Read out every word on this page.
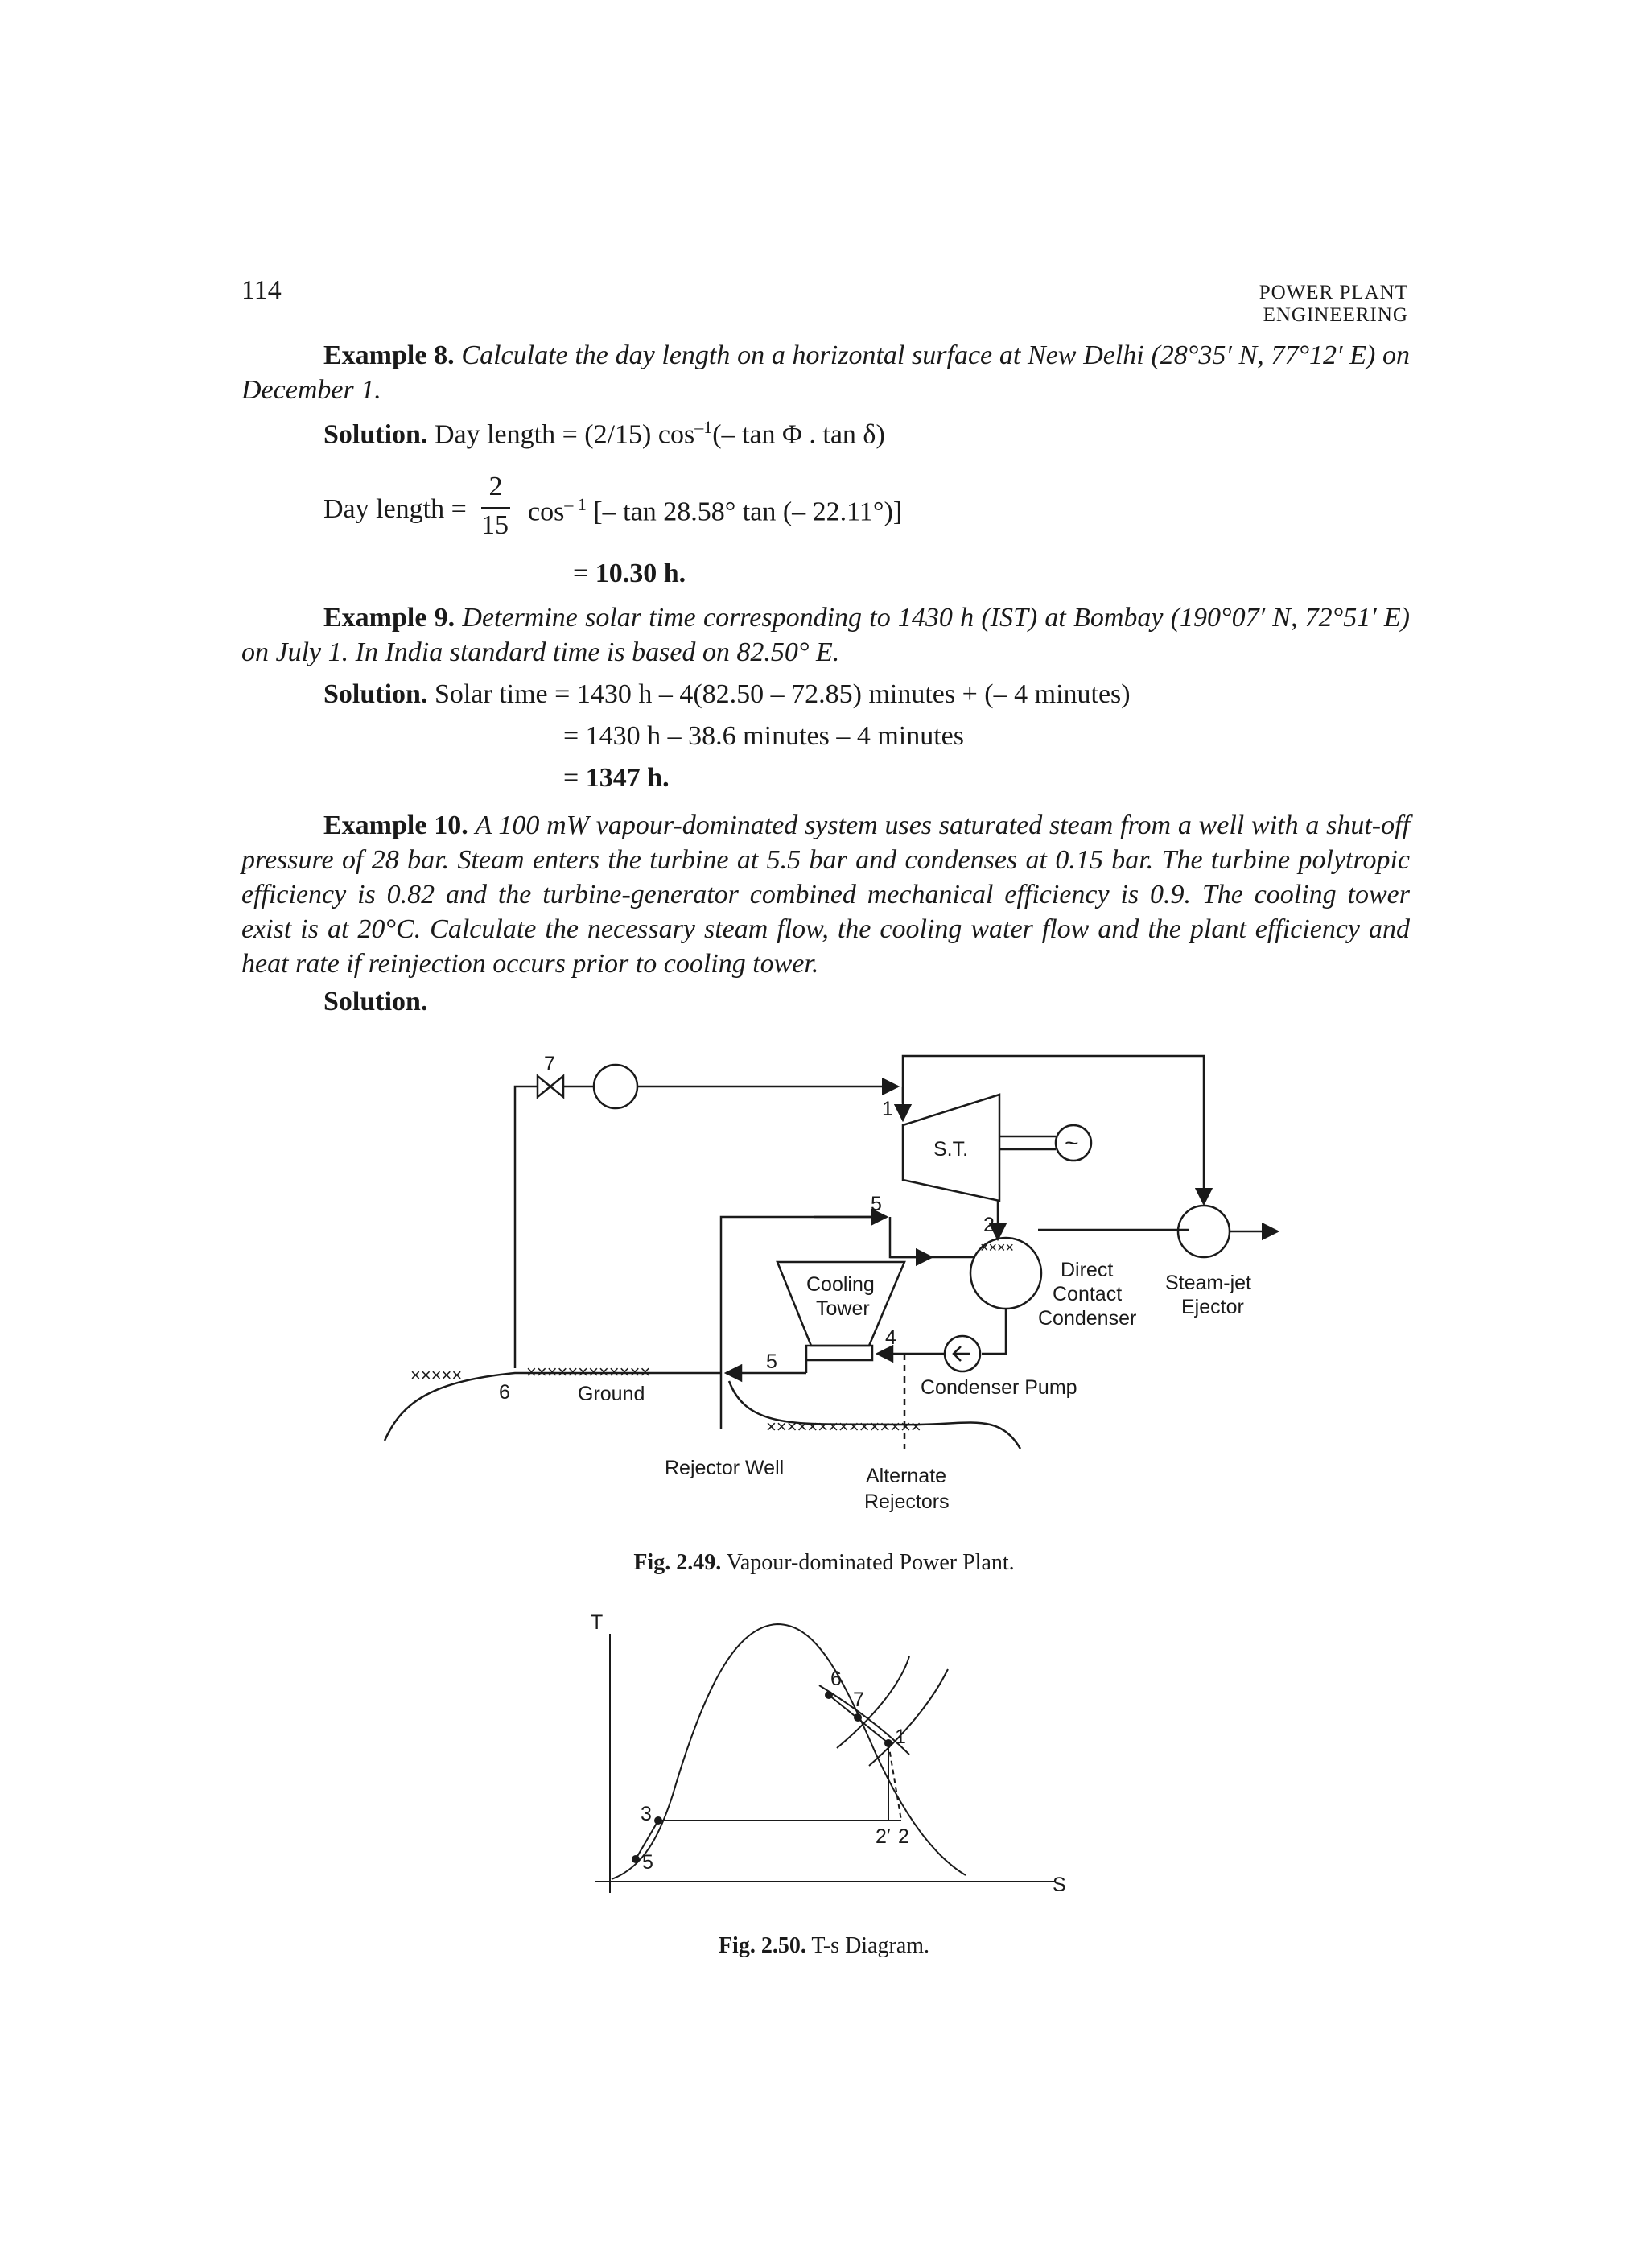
114	POWER PLANT ENGINEERING
Example 8. Calculate the day length on a horizontal surface at New Delhi (28°35′ N, 77°12′ E) on December 1.
Solution. Day length = (2/15) $\cos^{-1}(-$ tan Φ . tan δ)
Day length =
2
15 $\cos^{- 1}$ [– tan 28.58° tan (– 22.11°)]
= 10.30 h.
Example 9. Determine solar time corresponding to 1430 h (IST) at Bombay (190°07′ N, 72°51′ E) on July 1. In India standard time is based on 82.50° E.
Solution. Solar time = 1430 h – 4(82.50 – 72.85) minutes + (– 4 minutes)
= 1430 h – 38.6 minutes – 4 minutes
= 1347 h.
Example 10. A 100 mW vapour-dominated system uses saturated steam from a well with a shut-off pressure of 28 bar. Steam enters the turbine at 5.5 bar and condenses at 0.15 bar. The turbine polytropic efficiency is 0.82 and the turbine-generator combined mechanical efficiency is 0.9. The cooling tower exist is at 20°C. Calculate the necessary steam flow, the cooling water flow and the plant efficiency and heat rate if reinjection occurs prior to cooling tower.
Solution.
7
1
S.T.	~
5
2
××××
Cooling
Tower
Direct
Contact
Condenser
Steam-jet
Ejector
4
5
6	Ground	Condenser Pump
Rejector Well	Alternate
Rejectors
×××××	××××××××××××
×××××××××××××××
Fig. 2.49. Vapour-dominated Power Plant.
T
S
6
7
1
3
5
2′ 2
Fig. 2.50. T-s Diagram.
